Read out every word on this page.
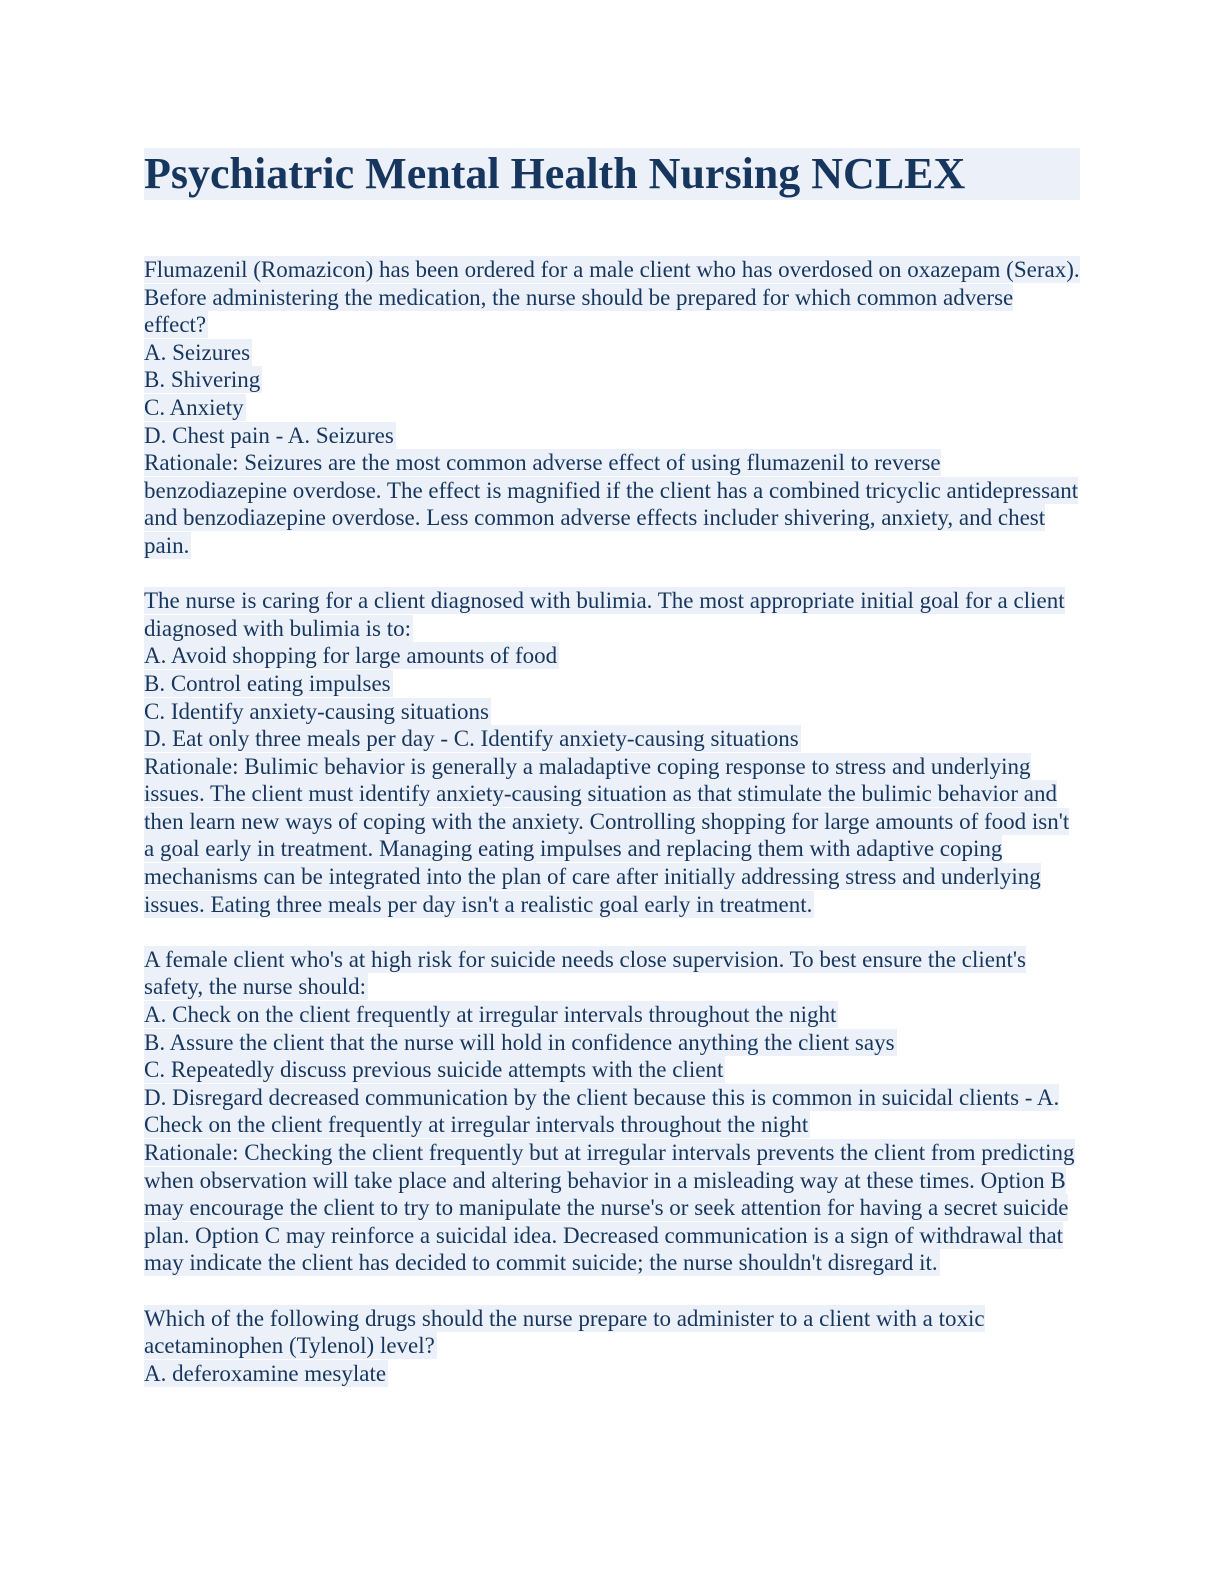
Psychiatric Mental Health Nursing NCLEX
Flumazenil (Romazicon) has been ordered for a male client who has overdosed on oxazepam (Serax). Before administering the medication, the nurse should be prepared for which common adverse effect?
A. Seizures
B. Shivering
C. Anxiety
D. Chest pain - A. Seizures
Rationale: Seizures are the most common adverse effect of using flumazenil to reverse benzodiazepine overdose. The effect is magnified if the client has a combined tricyclic antidepressant and benzodiazepine overdose. Less common adverse effects includer shivering, anxiety, and chest pain.
The nurse is caring for a client diagnosed with bulimia. The most appropriate initial goal for a client diagnosed with bulimia is to:
A. Avoid shopping for large amounts of food
B. Control eating impulses
C. Identify anxiety-causing situations
D. Eat only three meals per day - C. Identify anxiety-causing situations
Rationale: Bulimic behavior is generally a maladaptive coping response to stress and underlying issues. The client must identify anxiety-causing situation as that stimulate the bulimic behavior and then learn new ways of coping with the anxiety. Controlling shopping for large amounts of food isn't a goal early in treatment. Managing eating impulses and replacing them with adaptive coping mechanisms can be integrated into the plan of care after initially addressing stress and underlying issues. Eating three meals per day isn't a realistic goal early in treatment.
A female client who's at high risk for suicide needs close supervision. To best ensure the client's safety, the nurse should:
A. Check on the client frequently at irregular intervals throughout the night
B. Assure the client that the nurse will hold in confidence anything the client says
C. Repeatedly discuss previous suicide attempts with the client
D. Disregard decreased communication by the client because this is common in suicidal clients - A. Check on the client frequently at irregular intervals throughout the night
Rationale: Checking the client frequently but at irregular intervals prevents the client from predicting when observation will take place and altering behavior in a misleading way at these times. Option B may encourage the client to try to manipulate the nurse's or seek attention for having a secret suicide plan. Option C may reinforce a suicidal idea. Decreased communication is a sign of withdrawal that may indicate the client has decided to commit suicide; the nurse shouldn't disregard it.
Which of the following drugs should the nurse prepare to administer to a client with a toxic acetaminophen (Tylenol) level?
A. deferoxamine mesylate
